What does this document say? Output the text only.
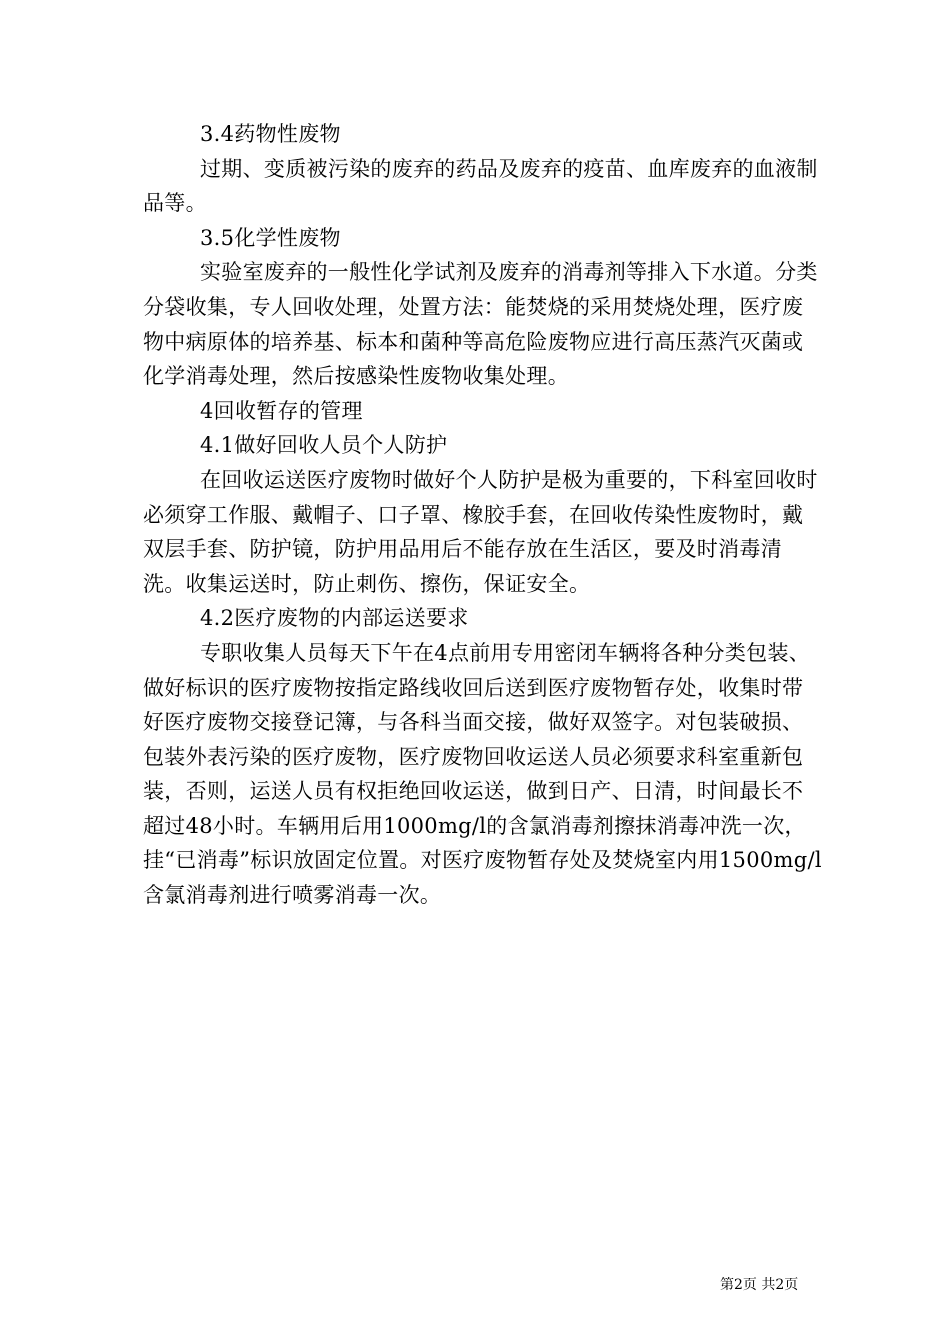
3.4药物性废物

过期、变质被污染的废弃的药品及废弃的疫苗、血库废弃的血液制品等。

3.5化学性废物

实验室废弃的一般性化学试剂及废弃的消毒剂等排入下水道。分类分袋收集，专人回收处理，处置方法：能焚烧的采用焚烧处理，医疗废物中病原体的培养基、标本和菌种等高危险废物应进行高压蒸汽灭菌或化学消毒处理，然后按感染性废物收集处理。

4回收暂存的管理

4.1做好回收人员个人防护

在回收运送医疗废物时做好个人防护是极为重要的，下科室回收时必须穿工作服、戴帽子、口子罩、橡胶手套，在回收传染性废物时，戴双层手套、防护镜，防护用品用后不能存放在生活区，要及时消毒清洗。收集运送时，防止刺伤、擦伤，保证安全。

4.2医疗废物的内部运送要求

专职收集人员每天下午在4点前用专用密闭车辆将各种分类包装、做好标识的医疗废物按指定路线收回后送到医疗废物暂存处，收集时带好医疗废物交接登记簿，与各科当面交接，做好双签字。对包装破损、包装外表污染的医疗废物，医疗废物回收运送人员必须要求科室重新包装，否则，运送人员有权拒绝回收运送，做到日产、日清，时间最长不超过48小时。车辆用后用1000mg/l的含氯消毒剂擦抹消毒冲洗一次，挂“已消毒”标识放固定位置。对医疗废物暂存处及焚烧室内用1500mg/l含氯消毒剂进行喷雾消毒一次。

第2页 共2页
